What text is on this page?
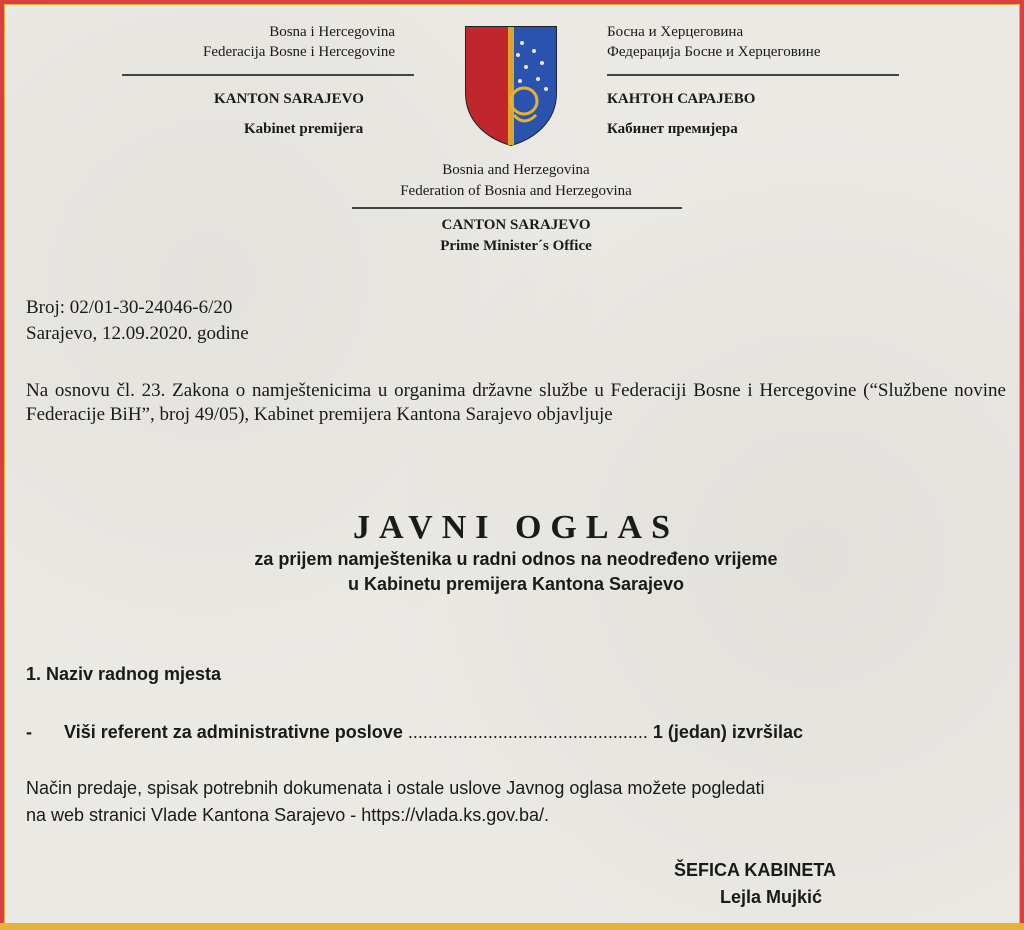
Bosna i Hercegovina
Federacija Bosne i Hercegovine
KANTON SARAJEVO
Kabinet premijera
Босна и Херцеговина
Федерација Босне и Херцеговине
КАНТОН САРАЈЕВО
Кабинет премијера
Bosnia and Herzegovina
Federation of Bosnia and Herzegovina
CANTON SARAJEVO
Prime Minister´s Office
Broj: 02/01-30-24046-6/20
Sarajevo, 12.09.2020. godine
Na osnovu čl. 23. Zakona o namještenicima u organima državne službe u Federaciji Bosne i Hercegovine (“Službene novine Federacije BiH”, broj 49/05), Kabinet premijera Kantona Sarajevo objavljuje
JAVNI OGLAS
za prijem namještenika u radni odnos na neodređeno vrijeme
u Kabinetu premijera Kantona Sarajevo
1. Naziv radnog mjesta
- Viši referent za administrativne poslove ................................................ 1 (jedan) izvršilac
Način predaje, spisak potrebnih dokumenata i ostale uslove Javnog oglasa možete pogledati
na web stranici Vlade Kantona Sarajevo - https://vlada.ks.gov.ba/.
ŠEFICA KABINETA
Lejla Mujkić
